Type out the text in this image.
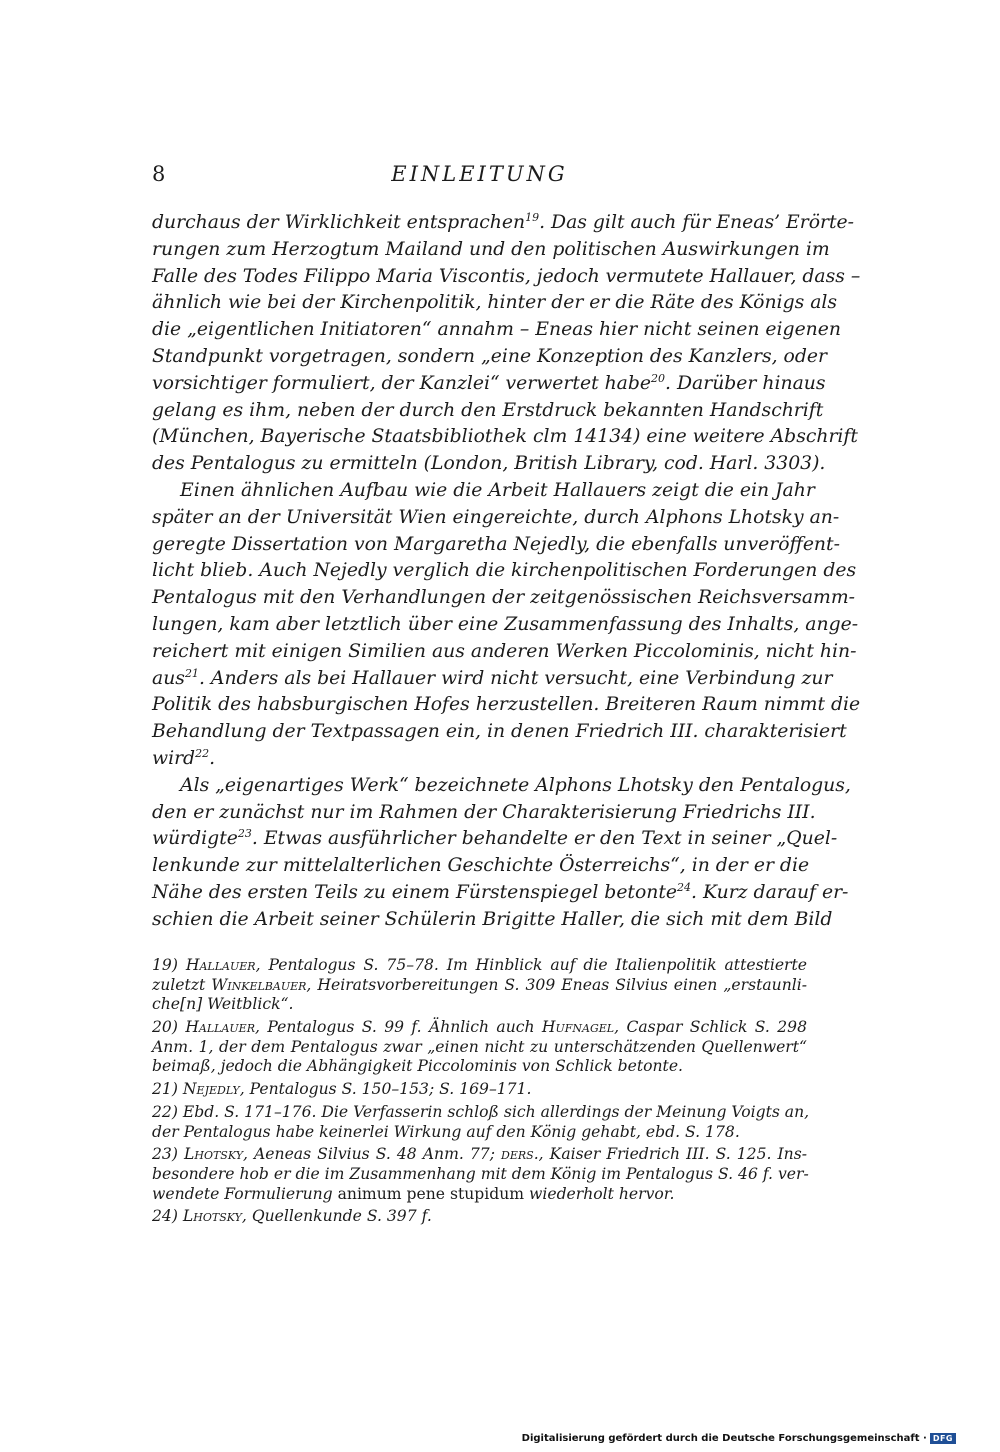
8	EINLEITUNG
durchaus der Wirklichkeit entsprachen$^{19}$. Das gilt auch für Eneas’ Erörte-
rungen zum Herzogtum Mailand und den politischen Auswirkungen im
Falle des Todes Filippo Maria Viscontis, jedoch vermutete Hallauer, dass –
ähnlich wie bei der Kirchenpolitik, hinter der er die Räte des Königs als
die „eigentlichen Initiatoren“ annahm – Eneas hier nicht seinen eigenen
Standpunkt vorgetragen, sondern „eine Konzeption des Kanzlers, oder
vorsichtiger formuliert, der Kanzlei“ verwertet habe$^{20}$. Darüber hinaus
gelang es ihm, neben der durch den Erstdruck bekannten Handschrift
(München, Bayerische Staatsbibliothek clm 14134) eine weitere Abschrift
des Pentalogus zu ermitteln (London, British Library, cod. Harl. 3303).
Einen ähnlichen Aufbau wie die Arbeit Hallauers zeigt die ein Jahr
später an der Universität Wien eingereichte, durch Alphons Lhotsky an-
geregte Dissertation von Margaretha Nejedly, die ebenfalls unveröffent-
licht blieb. Auch Nejedly verglich die kirchenpolitischen Forderungen des
Pentalogus mit den Verhandlungen der zeitgenössischen Reichsversamm-
lungen, kam aber letztlich über eine Zusammenfassung des Inhalts, ange-
reichert mit einigen Similien aus anderen Werken Piccolominis, nicht hin-
aus$^{21}$. Anders als bei Hallauer wird nicht versucht, eine Verbindung zur
Politik des habsburgischen Hofes herzustellen. Breiteren Raum nimmt die
Behandlung der Textpassagen ein, in denen Friedrich III. charakterisiert
wird$^{22}$.
Als „eigenartiges Werk“ bezeichnete Alphons Lhotsky den Pentalogus,
den er zunächst nur im Rahmen der Charakterisierung Friedrichs III.
würdigte$^{23}$. Etwas ausführlicher behandelte er den Text in seiner „Quel-
lenkunde zur mittelalterlichen Geschichte Österreichs“, in der er die
Nähe des ersten Teils zu einem Fürstenspiegel betonte$^{24}$. Kurz darauf er-
schien die Arbeit seiner Schülerin Brigitte Haller, die sich mit dem Bild
19) Hallauer, Pentalogus S. 75–78. Im Hinblick auf die Italienpolitik attestierte
zuletzt Winkelbauer, Heiratsvorbereitungen S. 309 Eneas Silvius einen „erstaunli-
che[n] Weitblick“.
20) Hallauer, Pentalogus S. 99 f. Ähnlich auch Hufnagel, Caspar Schlick S. 298
Anm. 1, der dem Pentalogus zwar „einen nicht zu unterschätzenden Quellenwert“
beimaß, jedoch die Abhängigkeit Piccolominis von Schlick betonte.
21) Nejedly, Pentalogus S. 150–153; S. 169–171.
22) Ebd. S. 171–176. Die Verfasserin schloß sich allerdings der Meinung Voigts an,
der Pentalogus habe keinerlei Wirkung auf den König gehabt, ebd. S. 178.
23) Lhotsky, Aeneas Silvius S. 48 Anm. 77; ders., Kaiser Friedrich III. S. 125. Ins-
besondere hob er die im Zusammenhang mit dem König im Pentalogus S. 46 f. ver-
wendete Formulierung animum pene stupidum wiederholt hervor.
24) Lhotsky, Quellenkunde S. 397 f.
Digitalisierung gefördert durch die Deutsche Forschungsgemeinschaft · DFG
